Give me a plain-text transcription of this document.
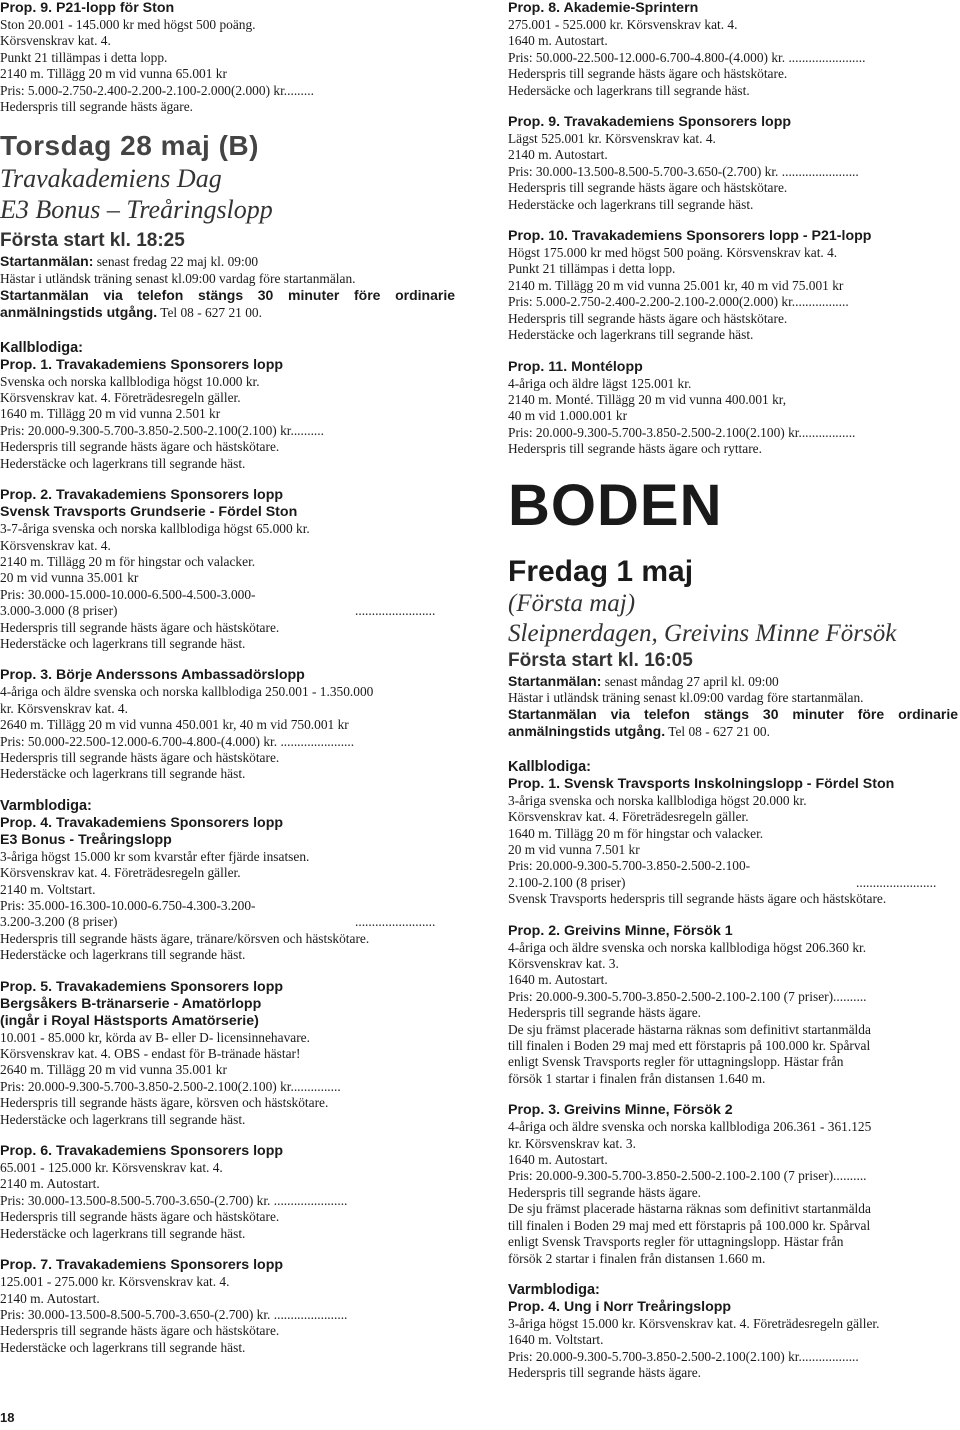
Prop. 9. P21-lopp för Ston
Ston 20.001 - 145.000 kr med högst 500 poäng.
Körsvenskrav kat. 4.
Punkt 21 tillämpas i detta lopp.
2140 m. Tillägg 20 m vid vunna 65.001 kr
Pris: 5.000-2.750-2.400-2.200-2.100-2.000(2.000) kr.........
Hederspris till segrande hästs ägare.
Torsdag 28 maj (B)
Travakademiens Dag
E3 Bonus – Treåringslopp
Första start kl. 18:25
Startanmälan: senast fredag 22 maj kl. 09:00
Hästar i utländsk träning senast kl.09:00 vardag före startanmälan.
Startanmälan via telefon stängs 30 minuter före ordinarie
anmälningstids utgång. Tel 08 - 627 21 00.
Kallblodiga:
Prop. 1. Travakademiens Sponsorers lopp
Svenska och norska kallblodiga högst 10.000 kr.
Körsvenskrav kat. 4. Företrädesregeln gäller.
1640 m. Tillägg 20 m vid vunna 2.501 kr
Pris: 20.000-9.300-5.700-3.850-2.500-2.100(2.100) kr..........
Hederspris till segrande hästs ägare och hästskötare.
Hederstäcke och lagerkrans till segrande häst.
Prop. 2. Travakademiens Sponsorers lopp
Svensk Travsports Grundserie - Fördel Ston
3-7-åriga svenska och norska kallblodiga högst 65.000 kr.
Körsvenskrav kat. 4.
2140 m. Tillägg 20 m för hingstar och valacker.
20 m vid vunna 35.001 kr
Pris: 30.000-15.000-10.000-6.500-4.500-3.000-
3.000-3.000 (8 priser)	........................
Hederspris till segrande hästs ägare och hästskötare.
Hederstäcke och lagerkrans till segrande häst.
Prop. 3. Börje Anderssons Ambassadörslopp
4-åriga och äldre svenska och norska kallblodiga 250.001 - 1.350.000
kr. Körsvenskrav kat. 4.
2640 m. Tillägg 20 m vid vunna 450.001 kr, 40 m vid 750.001 kr
Pris: 50.000-22.500-12.000-6.700-4.800-(4.000) kr. ......................
Hederspris till segrande hästs ägare och hästskötare.
Hederstäcke och lagerkrans till segrande häst.
Varmblodiga:
Prop. 4. Travakademiens Sponsorers lopp
E3 Bonus - Treåringslopp
3-åriga högst 15.000 kr som kvarstår efter fjärde insatsen.
Körsvenskrav kat. 4. Företrädesregeln gäller.
2140 m. Voltstart.
Pris: 35.000-16.300-10.000-6.750-4.300-3.200-
3.200-3.200 (8 priser)	........................
Hederspris till segrande hästs ägare, tränare/körsven och hästskötare.
Hederstäcke och lagerkrans till segrande häst.
Prop. 5. Travakademiens Sponsorers lopp
Bergsåkers B-tränarserie - Amatörlopp
(ingår i Royal Hästsports Amatörserie)
10.001 - 85.000 kr, körda av B- eller D- licensinnehavare.
Körsvenskrav kat. 4. OBS - endast för B-tränade hästar!
2640 m. Tillägg 20 m vid vunna 35.001 kr
Pris: 20.000-9.300-5.700-3.850-2.500-2.100(2.100) kr...............
Hederspris till segrande hästs ägare, körsven och hästskötare.
Hederstäcke och lagerkrans till segrande häst.
Prop. 6. Travakademiens Sponsorers lopp
65.001 - 125.000 kr. Körsvenskrav kat. 4.
2140 m. Autostart.
Pris: 30.000-13.500-8.500-5.700-3.650-(2.700) kr. ......................
Hederspris till segrande hästs ägare och hästskötare.
Hederstäcke och lagerkrans till segrande häst.
Prop. 7. Travakademiens Sponsorers lopp
125.001 - 275.000 kr. Körsvenskrav kat. 4.
2140 m. Autostart.
Pris: 30.000-13.500-8.500-5.700-3.650-(2.700) kr. ......................
Hederspris till segrande hästs ägare och hästskötare.
Hederstäcke och lagerkrans till segrande häst.
18
Prop. 8. Akademie-Sprintern
275.001 - 525.000 kr. Körsvenskrav kat. 4.
1640 m. Autostart.
Pris: 50.000-22.500-12.000-6.700-4.800-(4.000) kr. .......................
Hederspris till segrande hästs ägare och hästskötare.
Hedersäcke och lagerkrans till segrande häst.
Prop. 9. Travakademiens Sponsorers lopp
Lägst 525.001 kr. Körsvenskrav kat. 4.
2140 m. Autostart.
Pris: 30.000-13.500-8.500-5.700-3.650-(2.700) kr. .......................
Hederspris till segrande hästs ägare och hästskötare.
Hederstäcke och lagerkrans till segrande häst.
Prop. 10. Travakademiens Sponsorers lopp - P21-lopp
Högst 175.000 kr med högst 500 poäng. Körsvenskrav kat. 4.
Punkt 21 tillämpas i detta lopp.
2140 m. Tillägg 20 m vid vunna 25.001 kr, 40 m vid 75.001 kr
Pris: 5.000-2.750-2.400-2.200-2.100-2.000(2.000) kr.................
Hederspris till segrande hästs ägare och hästskötare.
Hederstäcke och lagerkrans till segrande häst.
Prop. 11. Montélopp
4-åriga och äldre lägst 125.001 kr.
2140 m. Monté. Tillägg 20 m vid vunna 400.001 kr,
40 m vid 1.000.001 kr
Pris: 20.000-9.300-5.700-3.850-2.500-2.100(2.100) kr.................
Hederspris till segrande hästs ägare och ryttare.
BODEN
Fredag 1 maj
(Första maj)
Sleipnerdagen, Greivins Minne Försök
Första start kl. 16:05
Startanmälan: senast måndag 27 april kl. 09:00
Hästar i utländsk träning senast kl.09:00 vardag före startanmälan.
Startanmälan via telefon stängs 30 minuter före ordinarie
anmälningstids utgång. Tel 08 - 627 21 00.
Kallblodiga:
Prop. 1. Svensk Travsports Inskolningslopp - Fördel Ston
3-åriga svenska och norska kallblodiga högst 20.000 kr.
Körsvenskrav kat. 4. Företrädesregeln gäller.
1640 m. Tillägg 20 m för hingstar och valacker.
20 m vid vunna 7.501 kr
Pris: 20.000-9.300-5.700-3.850-2.500-2.100-
2.100-2.100 (8 priser)	........................
Svensk Travsports hederspris till segrande hästs ägare och hästskötare.
Prop. 2. Greivins Minne, Försök 1
4-åriga och äldre svenska och norska kallblodiga högst 206.360 kr.
Körsvenskrav kat. 3.
1640 m. Autostart.
Pris: 20.000-9.300-5.700-3.850-2.500-2.100-2.100 (7 priser)..........
Hederspris till segrande hästs ägare.
De sju främst placerade hästarna räknas som definitivt startanmälda
till finalen i Boden 29 maj med ett förstapris på 100.000 kr. Spårval
enligt Svensk Travsports regler för uttagningslopp. Hästar från
försök 1 startar i finalen från distansen 1.640 m.
Prop. 3. Greivins Minne, Försök 2
4-åriga och äldre svenska och norska kallblodiga 206.361 - 361.125
kr. Körsvenskrav kat. 3.
1640 m. Autostart.
Pris: 20.000-9.300-5.700-3.850-2.500-2.100-2.100 (7 priser)..........
Hederspris till segrande hästs ägare.
De sju främst placerade hästarna räknas som definitivt startanmälda
till finalen i Boden 29 maj med ett förstapris på 100.000 kr. Spårval
enligt Svensk Travsports regler för uttagningslopp. Hästar från
försök 2 startar i finalen från distansen 1.660 m.
Varmblodiga:
Prop. 4. Ung i Norr Treåringslopp
3-åriga högst 15.000 kr. Körsvenskrav kat. 4. Företrädesregeln gäller.
1640 m. Voltstart.
Pris: 20.000-9.300-5.700-3.850-2.500-2.100(2.100) kr..................
Hederspris till segrande hästs ägare.
